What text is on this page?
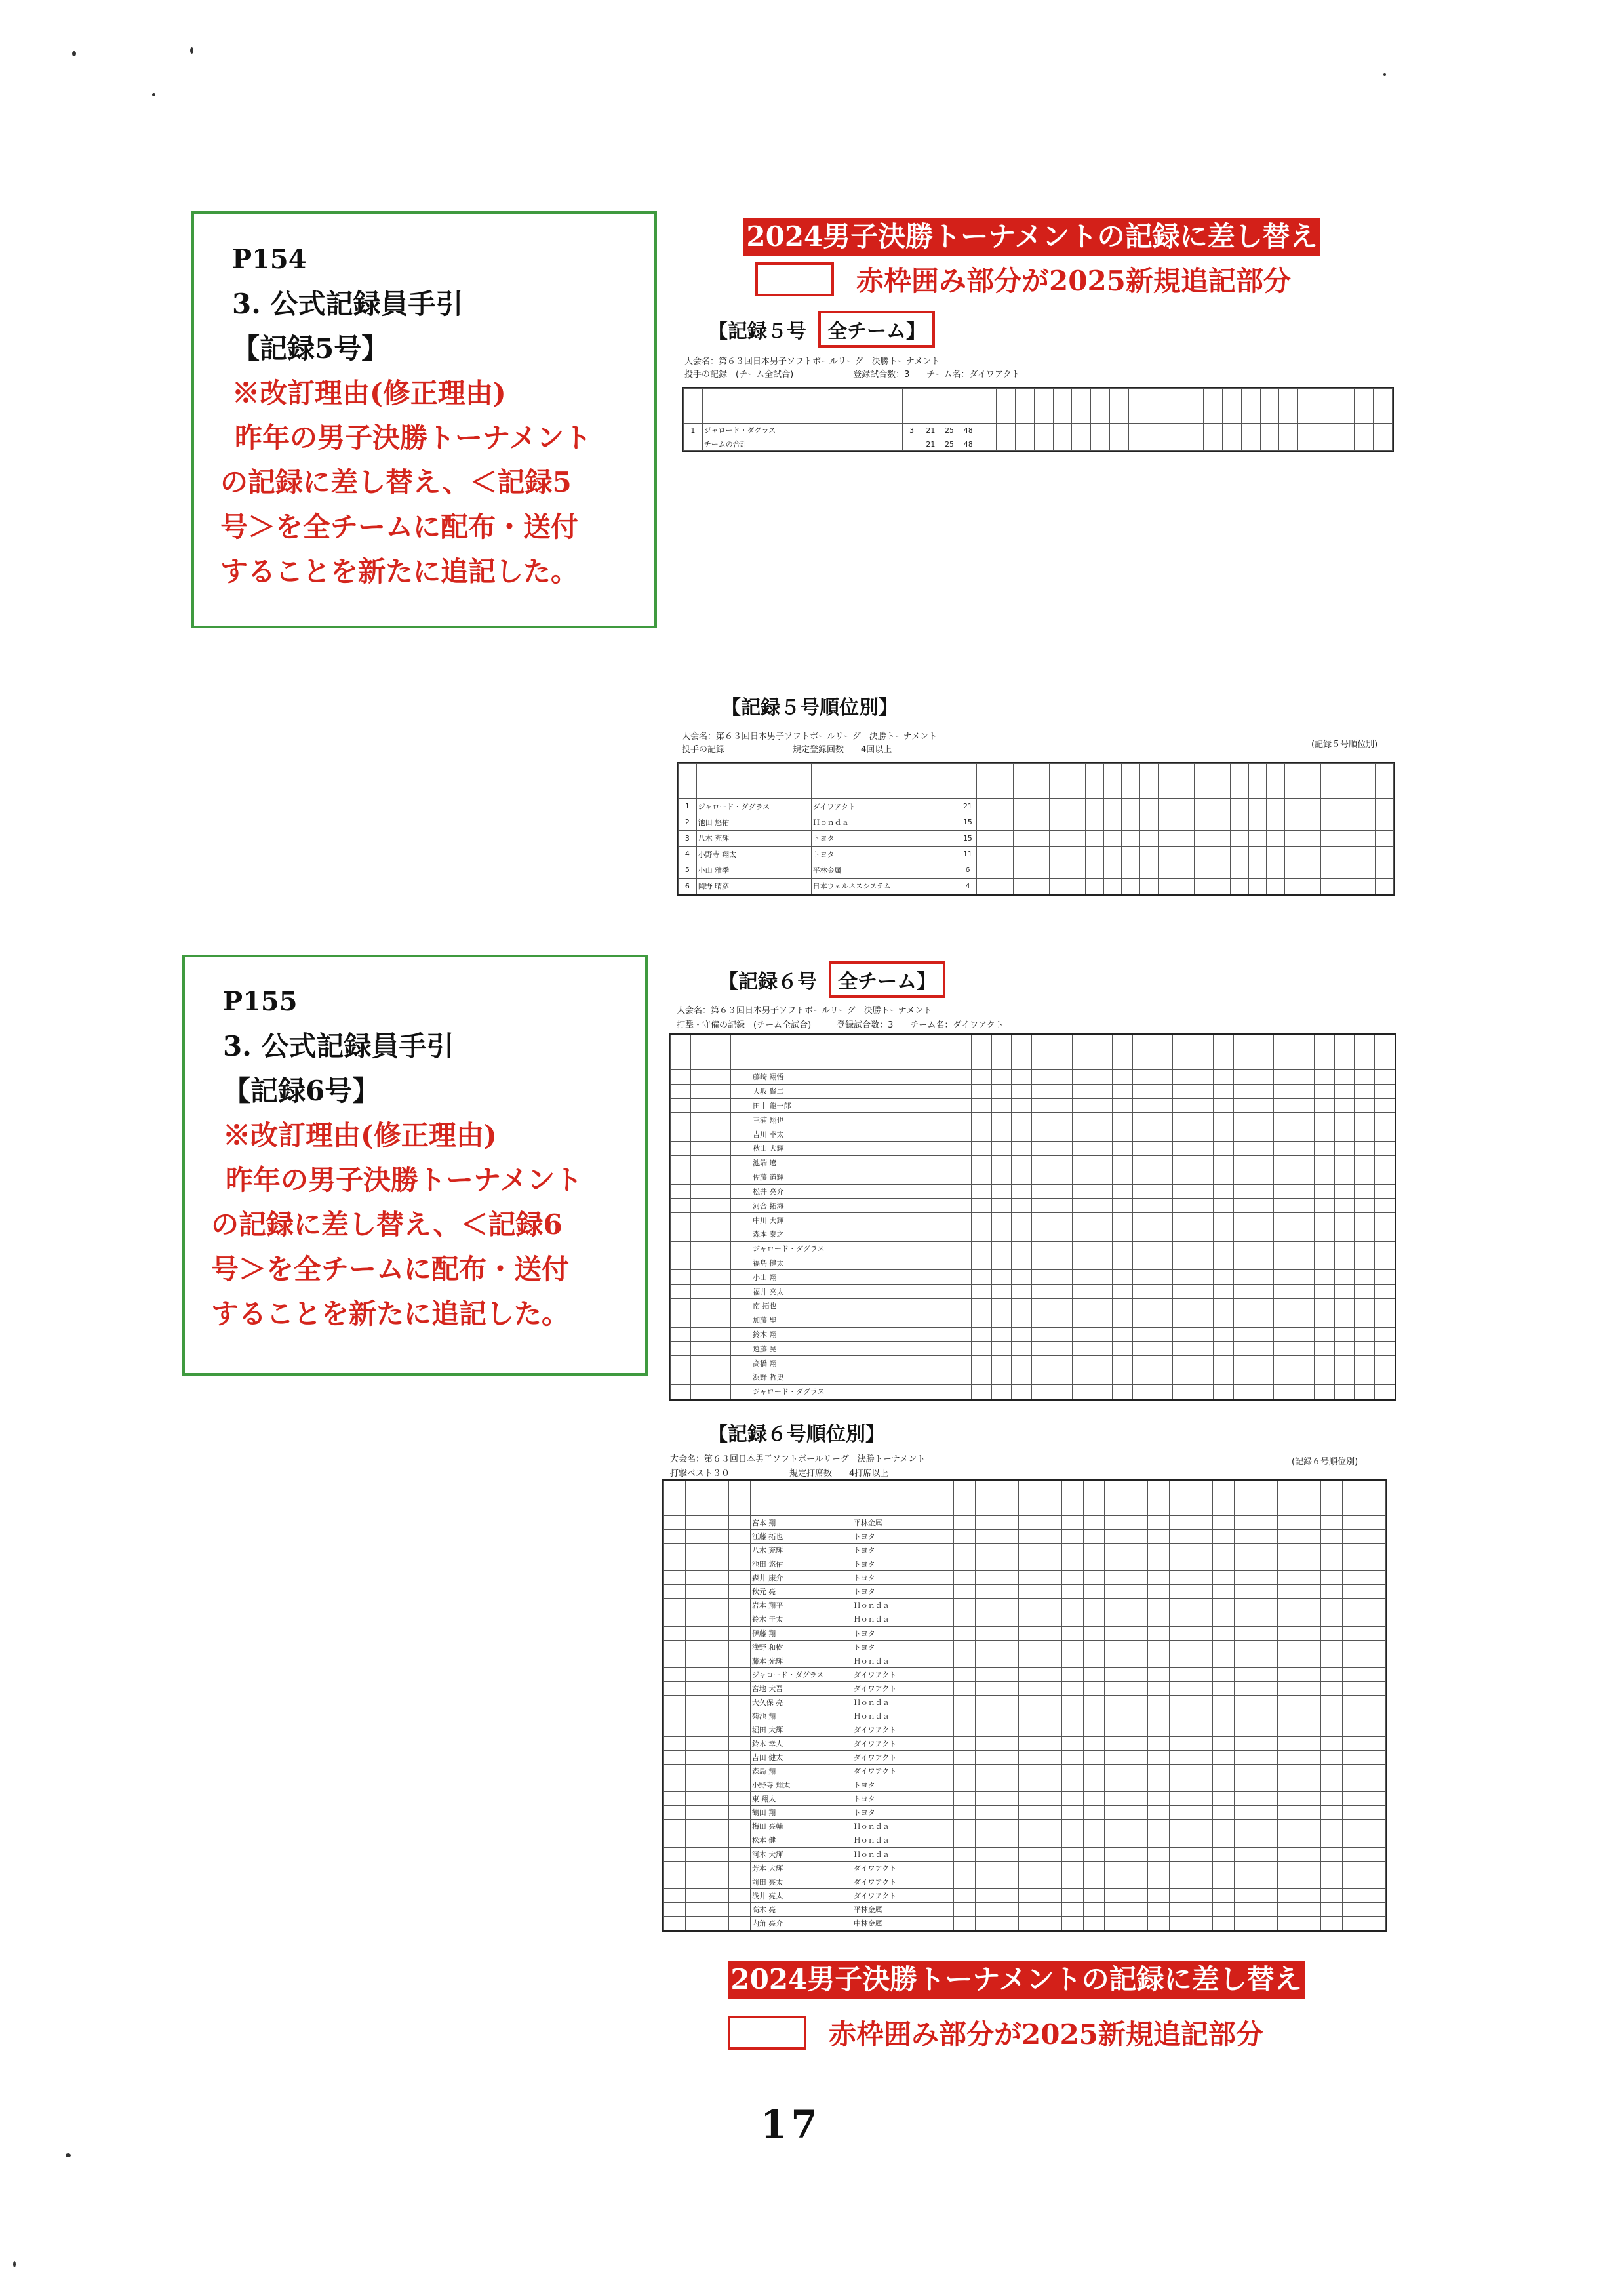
P154
3. 公式記録員手引
【記録5号】
※改訂理由(修正理由)
　昨年の男子決勝トーナメント
の記録に差し替え、＜記録5
号＞を全チームに配布・送付
することを新たに追記した。
P155
3. 公式記録員手引
【記録6号】
※改訂理由(修正理由)
　昨年の男子決勝トーナメント
の記録に差し替え、＜記録6
号＞を全チームに配布・送付
することを新たに追記した。
2024男子決勝トーナメントの記録に差し替え
赤枠囲み部分が2025新規追記部分
【記録５号	全チーム】
大会名：第６３回日本男子ソフトボールリーグ　決勝トーナメント
投手の記録　(チーム全試合)　　　　　　　登録試合数：3　　チーム名：ダイワアクト

1	ジャロード・ダグラス	3	21	25	48																						
	チームの合計		21	25	48																						
【記録５号順位別】
大会名：第６３回日本男子ソフトボールリーグ　決勝トーナメント
投手の記録　　　　　　　　規定登録回数　　4回以上
(記録５号順位別)

1	ジャロード・ダグラス	ダイワアクト	21																							
2	池田 悠佑	Ｈｏｎｄａ	15																							
3	八木 充輝	トヨタ	15																							
4	小野寺 翔太	トヨタ	11																							
5	小山 雅季	平林金属	6																							
6	岡野 晴彦	日本ウェルネスシステム	4																							
【記録６号	全チーム】
大会名：第６３回日本男子ソフトボールリーグ　決勝トーナメント
打撃・守備の記録　(チーム全試合)　　　登録試合数：3　　チーム名：ダイワアクト

				藤崎 翔悟																						
				大坂 賢二																						
				田中 龍一郎																						
				三浦 翔也																						
				吉川 幸太																						
				秋山 大輝																						
				池端 遼																						
				佐藤 道輝																						
				松井 亮介																						
				河合 拓海																						
				中川 大輝																						
				森本 泰之																						
				ジャロード・ダグラス																						
				福島 健太																						
				小山 翔																						
				福井 亮太																						
				南 拓也																						
				加藤 聖																						
				鈴木 翔																						
				遠藤 晃																						
				高橋 翔																						
				浜野 哲史																						
				ジャロード・ダグラス																						
【記録６号順位別】
大会名：第６３回日本男子ソフトボールリーグ　決勝トーナメント
打撃ベスト３０　　　　　　　規定打席数　　4打席以上
(記録６号順位別)

				宮本 翔	平林金属																				
				江藤 拓也	トヨタ																				
				八木 充輝	トヨタ																				
				池田 悠佑	トヨタ																				
				森井 康介	トヨタ																				
				秋元 亮	トヨタ																				
				岩本 翔平	Ｈｏｎｄａ																				
				鈴木 圭太	Ｈｏｎｄａ																				
				伊藤 翔	トヨタ																				
				浅野 和樹	トヨタ																				
				藤本 光輝	Ｈｏｎｄａ																				
				ジャロード・ダグラス	ダイワアクト																				
				宮地 大吾	ダイワアクト																				
				大久保 亮	Ｈｏｎｄａ																				
				菊池 翔	Ｈｏｎｄａ																				
				堀田 大輝	ダイワアクト																				
				鈴木 幸人	ダイワアクト																				
				吉田 健太	ダイワアクト																				
				森島 翔	ダイワアクト																				
				小野寺 翔太	トヨタ																				
				東 翔太	トヨタ																				
				鶴田 翔	トヨタ																				
				梅田 亮輔	Ｈｏｎｄａ																				
				松本 健	Ｈｏｎｄａ																				
				河本 大輝	Ｈｏｎｄａ																				
				芳本 大輝	ダイワアクト																				
				前田 亮太	ダイワアクト																				
				浅井 亮太	ダイワアクト																				
				高木 亮	平林金属																				
				内角 亮介	中林金属																				
2024男子決勝トーナメントの記録に差し替え
赤枠囲み部分が2025新規追記部分
17
